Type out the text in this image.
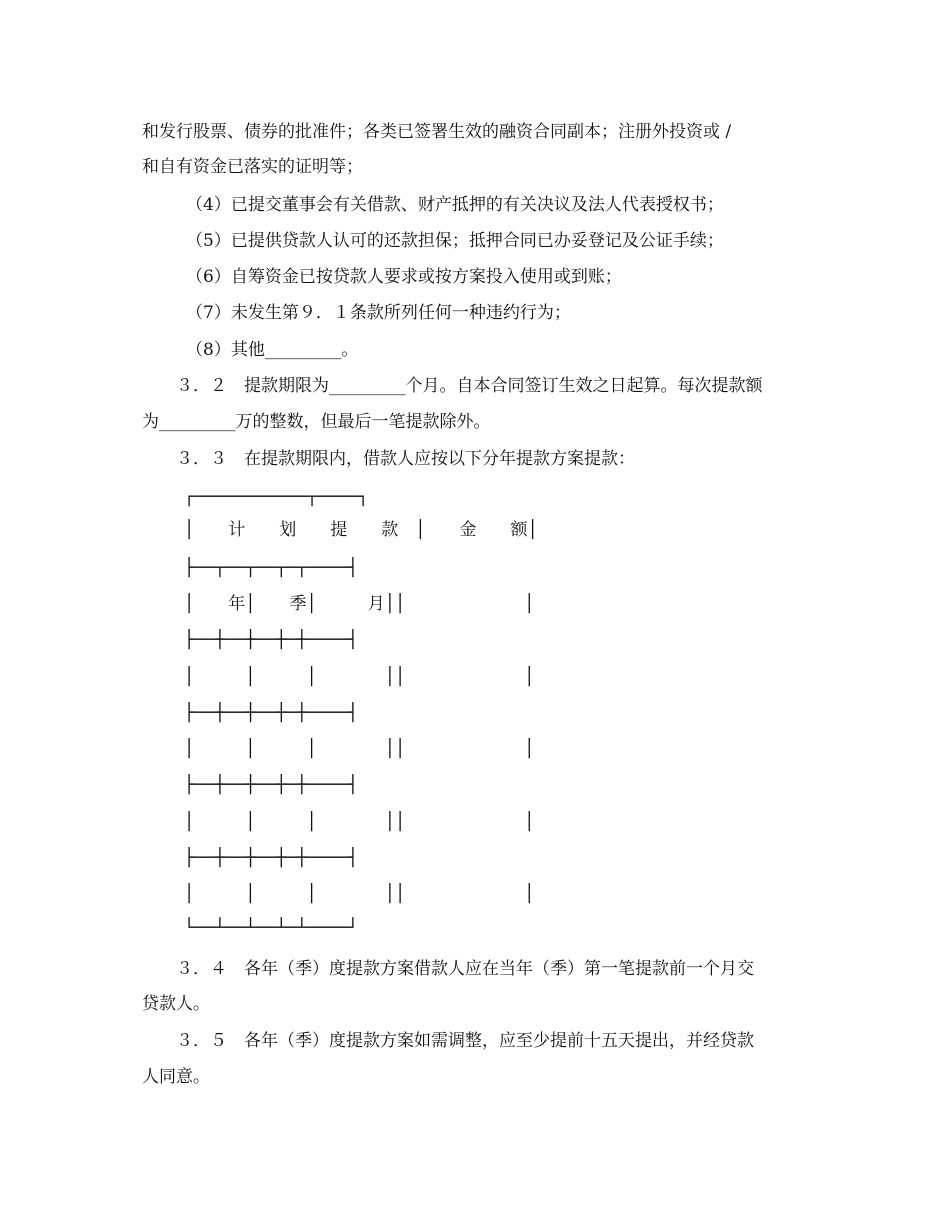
和发行股票、债券的批准件；各类已签署生效的融资合同副本；注册外投资或 /
和自有资金已落实的证明等；
（4）已提交董事会有关借款、财产抵押的有关决议及法人代表授权书；
（5）已提供贷款人认可的还款担保；抵押合同已办妥登记及公证手续；
（6）自筹资金已按贷款人要求或按方案投入使用或到账；
（7）未发生第９．１条款所列任何一种违约行为；
（8）其他_________。
３．２　提款期限为_________个月。自本合同签订生效之日起算。每次提款额
为_________万的整数，但最后一笔提款除外。
３．３　在提款期限内，借款人应按以下分年提款方案提款：
┌───────────┬────┐
│　　计　　划　　提　　款　│　　金　　额│
├──┬──┬──┬─┬────┤
│　　年│　　季│　　　月││　　　　　　　│
├──┼──┼──┼─┼────┤
│　　　│　　　│　　　　││　　　　　　　│
├──┼──┼──┼─┼────┤
│　　　│　　　│　　　　││　　　　　　　│
├──┼──┼──┼─┼────┤
│　　　│　　　│　　　　││　　　　　　　│
├──┼──┼──┼─┼────┤
│　　　│　　　│　　　　││　　　　　　　│
└──┴──┴──┴─┴────┘
３．４　各年（季）度提款方案借款人应在当年（季）第一笔提款前一个月交
贷款人。
３．５　各年（季）度提款方案如需调整，应至少提前十五天提出，并经贷款
人同意。
